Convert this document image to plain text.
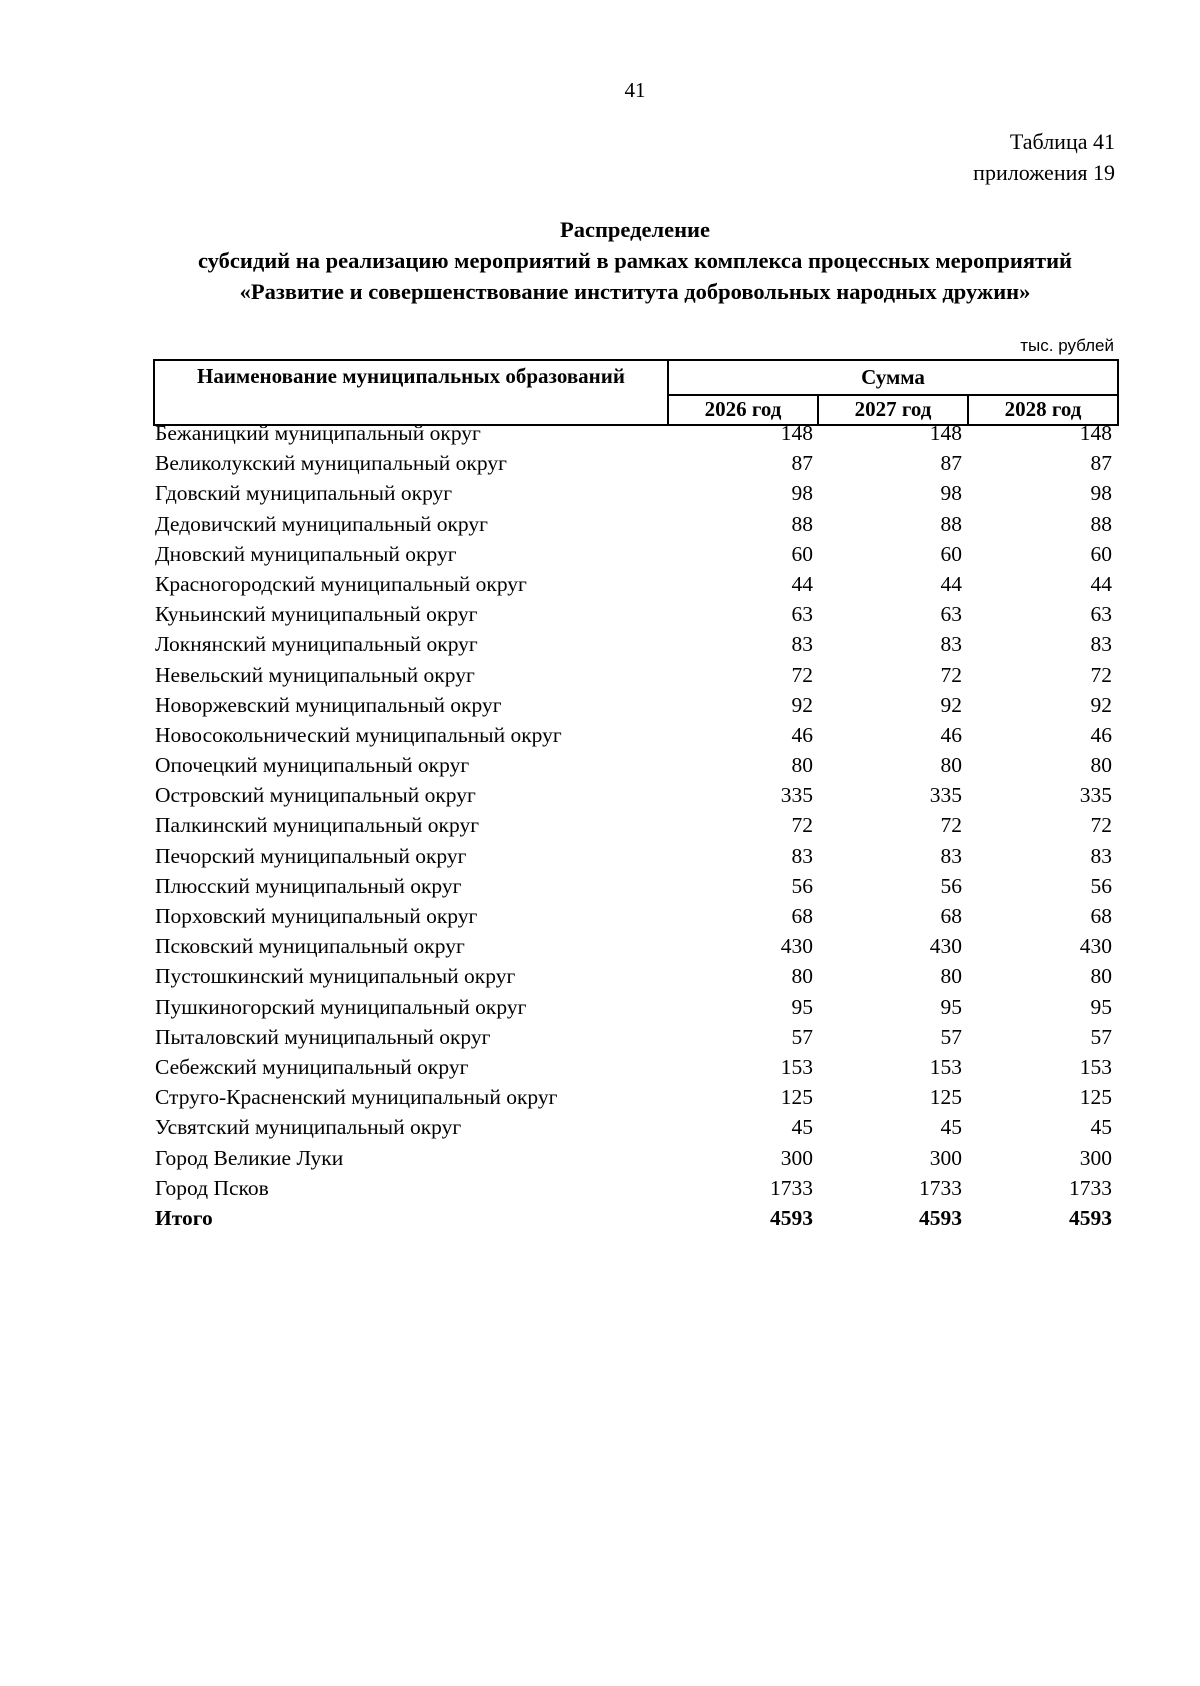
41
Таблица 41
приложения 19
Распределение
субсидий на реализацию мероприятий в рамках комплекса процессных мероприятий
«Развитие и совершенствование института добровольных народных дружин»
тыс. рублей
Наименование муниципальных образований	Сумма		
	2026 год	2027 год	2028 год
Бежаницкий муниципальный округ	148	148	148
Великолукский муниципальный округ	87	87	87
Гдовский муниципальный округ	98	98	98
Дедовичский муниципальный округ	88	88	88
Дновский муниципальный округ	60	60	60
Красногородский муниципальный округ	44	44	44
Куньинский муниципальный округ	63	63	63
Локнянский муниципальный округ	83	83	83
Невельский муниципальный округ	72	72	72
Новоржевский муниципальный округ	92	92	92
Новосокольнический муниципальный округ	46	46	46
Опочецкий муниципальный округ	80	80	80
Островский муниципальный округ	335	335	335
Палкинский муниципальный округ	72	72	72
Печорский муниципальный округ	83	83	83
Плюсский муниципальный округ	56	56	56
Порховский муниципальный округ	68	68	68
Псковский муниципальный округ	430	430	430
Пустошкинский муниципальный округ	80	80	80
Пушкиногорский муниципальный округ	95	95	95
Пыталовский муниципальный округ	57	57	57
Себежский муниципальный округ	153	153	153
Струго-Красненский муниципальный округ	125	125	125
Усвятский муниципальный округ	45	45	45
Город Великие Луки	300	300	300
Город Псков	1733	1733	1733
Итого	4593	4593	4593
